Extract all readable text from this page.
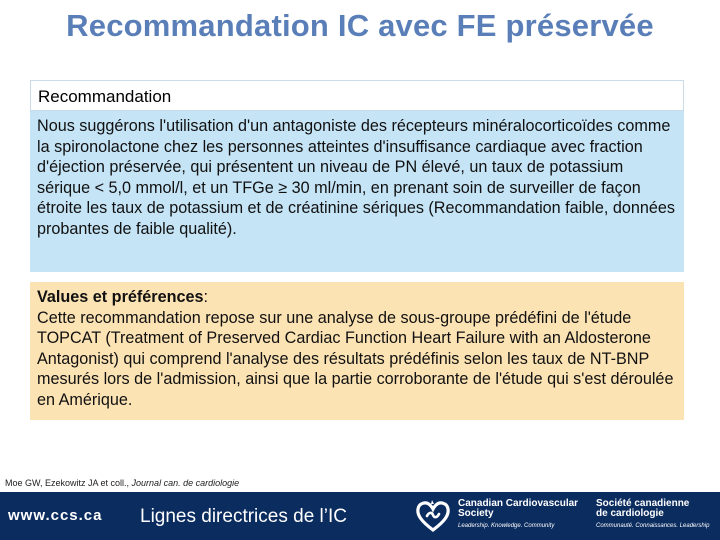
Recommandation IC avec FE préservée
Recommandation
Nous suggérons l'utilisation d'un antagoniste des récepteurs minéralocorticoïdes comme la spironolactone chez les personnes atteintes d'insuffisance cardiaque avec fraction d'éjection préservée, qui présentent un niveau de PN élevé, un taux de potassium sérique < 5,0 mmol/l, et un TFGe ≥ 30 ml/min, en prenant soin de surveiller de façon étroite les taux de potassium et de créatinine sériques (Recommandation faible, données probantes de faible qualité).
Values et préférences:
Cette recommandation repose sur une analyse de sous-groupe prédéfini de l'étude TOPCAT (Treatment of Preserved Cardiac Function Heart Failure with an Aldosterone Antagonist) qui comprend l'analyse des résultats prédéfinis selon les taux de NT-BNP mesurés lors de l'admission, ainsi que la partie corroborante de l'étude qui s'est déroulée en Amérique.
Moe GW, Ezekowitz JA et coll., Journal can. de cardiologie
www.ccs.ca Lignes directrices de l’IC
Canadian Cardiovascular
Society
Leadership. Knowledge. Community
Société canadienne
de cardiologie
Communauté. Connaissances. Leadership
